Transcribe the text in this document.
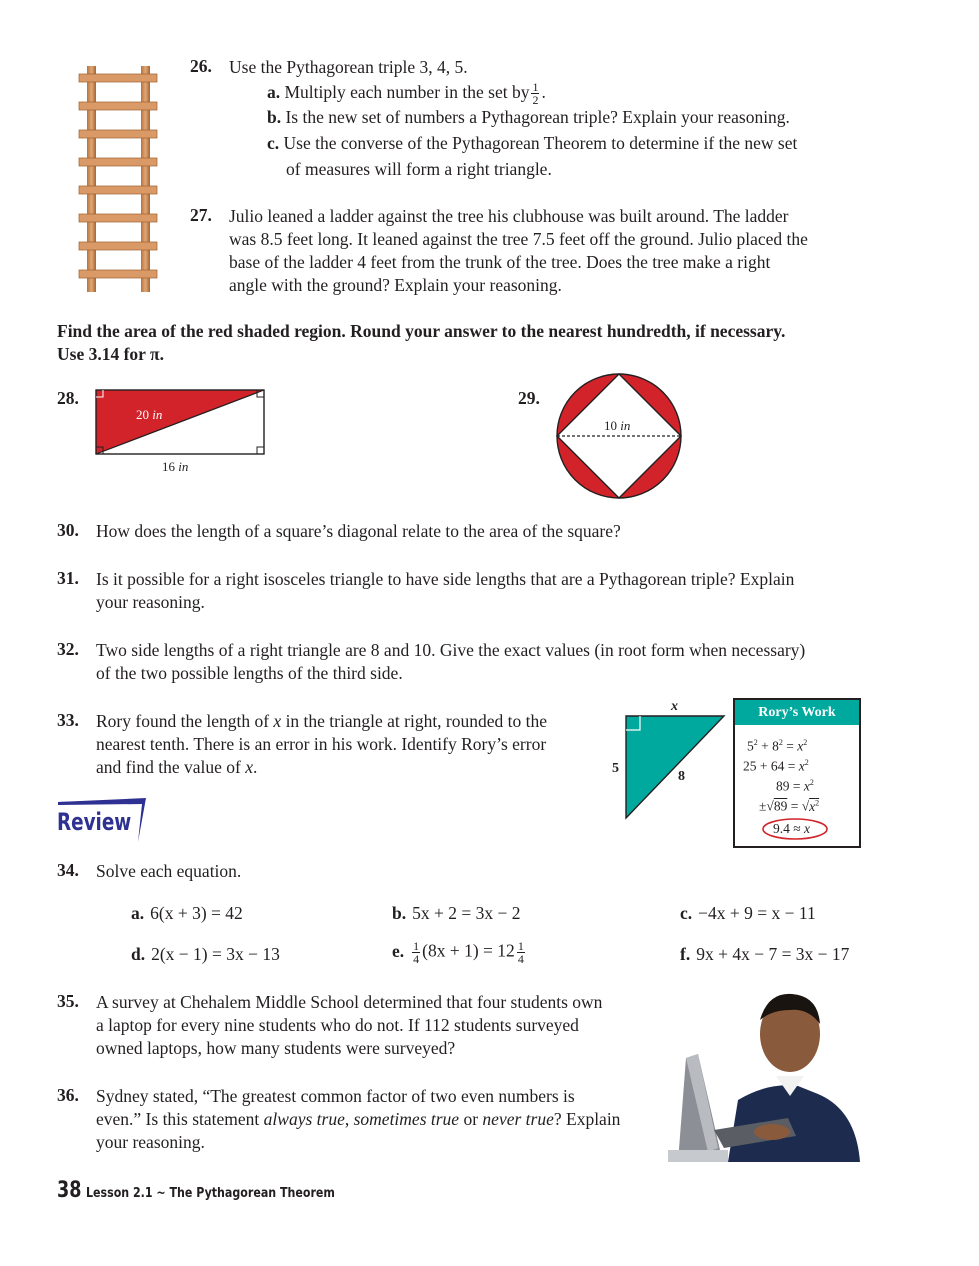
26. Use the Pythagorean triple 3, 4, 5.
a. Multiply each number in the set by $\frac{1}{2}$ .
b. Is the new set of numbers a Pythagorean triple? Explain your reasoning.
c. Use the converse of the Pythagorean Theorem to determine if the new set
of measures will form a right triangle.
27. Julio leaned a ladder against the tree his clubhouse was built around. The ladder
was 8.5 feet long. It leaned against the tree 7.5 feet off the ground. Julio placed the
base of the ladder 4 feet from the trunk of the tree. Does the tree make a right
angle with the ground? Explain your reasoning.
Find the area of the red shaded region. Round your answer to the nearest hundredth, if necessary.
Use 3.14 for π.
28.
20 in
16 in
29.
10 in
30. How does the length of a square’s diagonal relate to the area of the square?
31. Is it possible for a right isosceles triangle to have side lengths that are a Pythagorean triple? Explain
your reasoning.
32. Two side lengths of a right triangle are 8 and 10. Give the exact values (in root form when necessary)
of the two possible lengths of the third side.
33. Rory found the length of x in the triangle at right, rounded to the
nearest tenth. There is an error in his work. Identify Rory’s error
and find the value of x.
x
5
8
Rory’s Work
$5^2 + 8^2 = x^2$
$25 + 64 = x^2$
$89 = x^2$
$\pm√89 = √x^2$
9.4 ≈ x
Review
34. Solve each equation.
a. 6(x + 3) = 42	b. 5x + 2 = 3x − 2	c. −4x + 9 = x − 11
d. 2(x − 1) = 3x − 13	e. $\frac{1}{4} (8x + 1) = 12 \frac{1}{4}$	f. 9x + 4x − 7 = 3x − 17
35. A survey at Chehalem Middle School determined that four students own
a laptop for every nine students who do not. If 112 students surveyed
owned laptops, how many students were surveyed?
36. Sydney stated, “The greatest common factor of two even numbers is
even.” Is this statement always true, sometimes true or never true? Explain
your reasoning.
38 Lesson 2.1 ~ The Pythagorean Theorem
